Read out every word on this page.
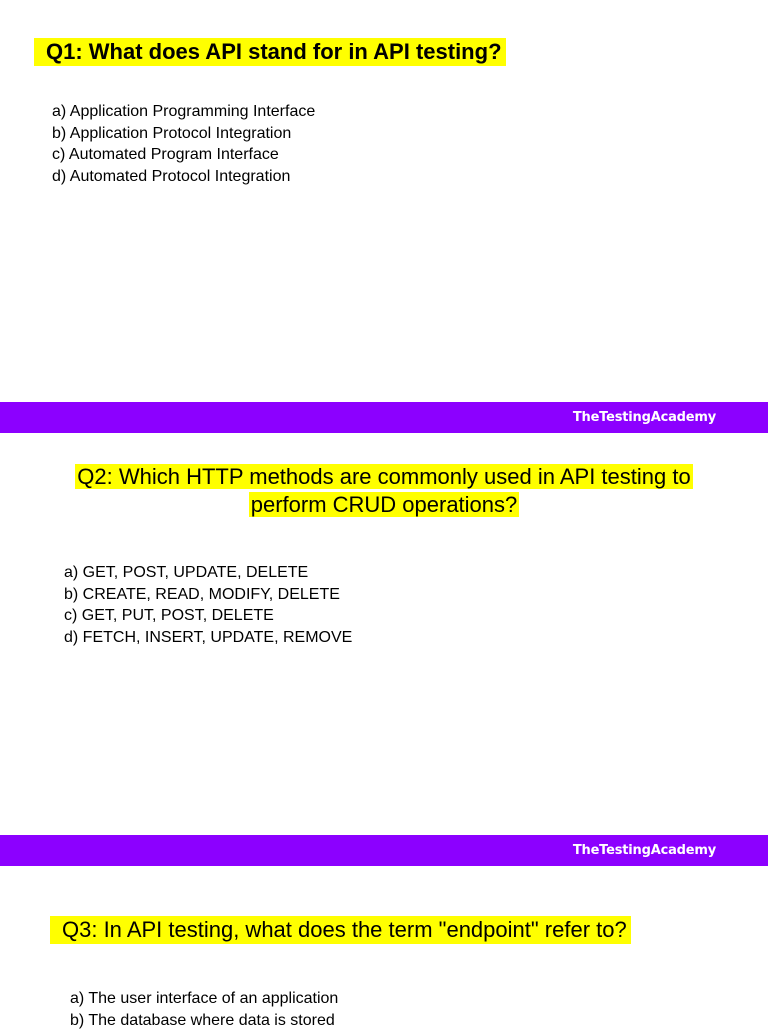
Q1: What does API stand for in API testing?
a) Application Programming Interface
b) Application Protocol Integration
c) Automated Program Interface
d) Automated Protocol Integration
TheTestingAcademy
Q2: Which HTTP methods are commonly used in API testing to
perform CRUD operations?
a) GET, POST, UPDATE, DELETE
b) CREATE, READ, MODIFY, DELETE
c) GET, PUT, POST, DELETE
d) FETCH, INSERT, UPDATE, REMOVE
TheTestingAcademy
Q3: In API testing, what does the term "endpoint" refer to?
a) The user interface of an application
b) The database where data is stored
